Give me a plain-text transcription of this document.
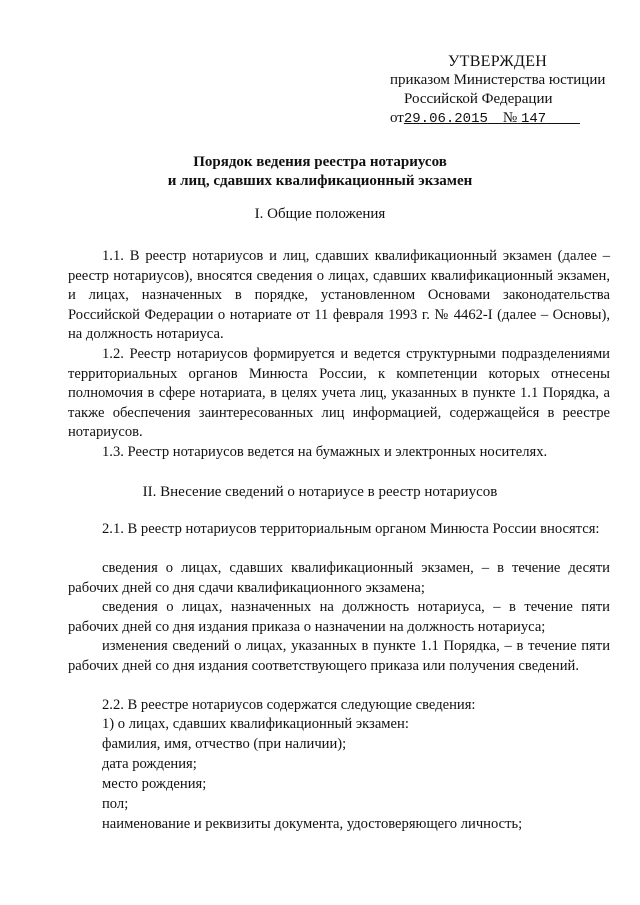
УТВЕРЖДЕН
приказом Министерства юстиции
Российской Федерации
от29.06.2015 № 147
Порядок ведения реестра нотариусов
и лиц, сдавших квалификационный экзамен
I. Общие положения

1.1. В реестр нотариусов и лиц, сдавших квалификационный экзамен (далее – реестр нотариусов), вносятся сведения о лицах, сдавших квалификационный экзамен, и лицах, назначенных в порядке, установленном Основами законодательства Российской Федерации о нотариате от 11 февраля 1993 г. № 4462-I (далее – Основы), на должность нотариуса.

1.2. Реестр нотариусов формируется и ведется структурными подразделениями территориальных органов Минюста России, к компетенции которых отнесены полномочия в сфере нотариата, в целях учета лиц, указанных в пункте 1.1 Порядка, а также обеспечения заинтересованных лиц информацией, содержащейся в реестре нотариусов.

1.3. Реестр нотариусов ведется на бумажных и электронных носителях.

II. Внесение сведений о нотариусе в реестр нотариусов

2.1. В реестр нотариусов территориальным органом Минюста России вносятся:

сведения о лицах, сдавших квалификационный экзамен, – в течение десяти рабочих дней со дня сдачи квалификационного экзамена;

сведения о лицах, назначенных на должность нотариуса, – в течение пяти рабочих дней со дня издания приказа о назначении на должность нотариуса;

изменения сведений о лицах, указанных в пункте 1.1 Порядка, – в течение пяти рабочих дней со дня издания соответствующего приказа или получения сведений.

2.2. В реестре нотариусов содержатся следующие сведения:

1) о лицах, сдавших квалификационный экзамен:
фамилия, имя, отчество (при наличии);
дата рождения;
место рождения;
пол;
наименование и реквизиты документа, удостоверяющего личность;
